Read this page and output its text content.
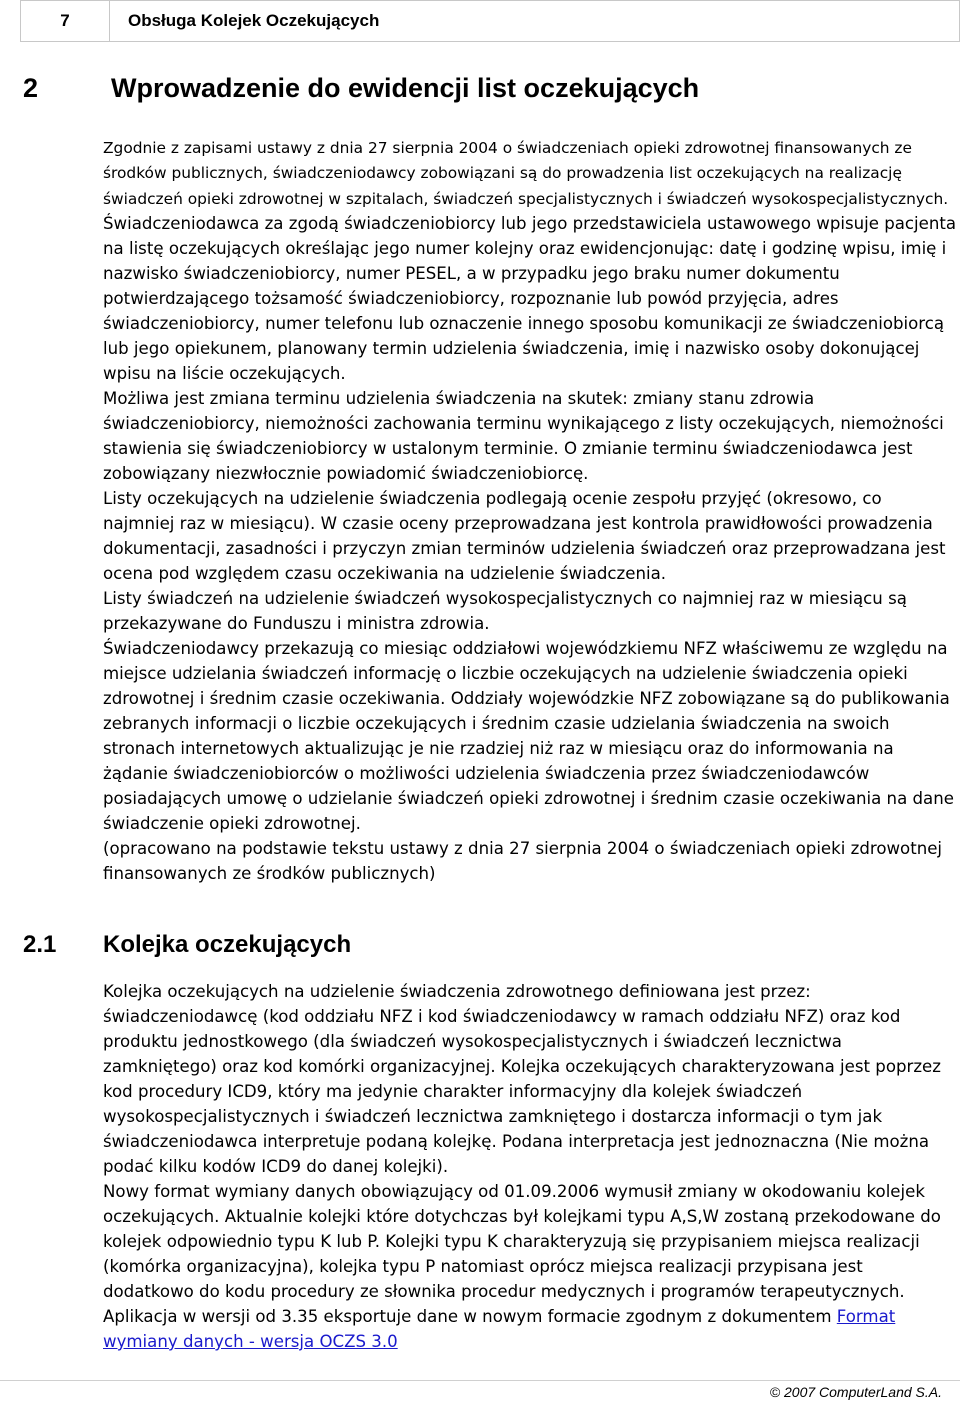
7	Obsługa Kolejek Oczekujących
2	Wprowadzenie do ewidencji list oczekujących

Zgodnie z zapisami ustawy z dnia 27 sierpnia 2004 o świadczeniach opieki zdrowotnej finansowanych ze środków publicznych, świadczeniodawcy zobowiązani są do prowadzenia list oczekujących na realizację świadczeń opieki zdrowotnej w szpitalach, świadczeń specjalistycznych i świadczeń wysokospecjalistycznych. Świadczeniodawca za zgodą świadczeniobiorcy lub jego przedstawiciela ustawowego wpisuje pacjenta na listę oczekujących określając jego numer kolejny oraz ewidencjonując: datę i godzinę wpisu, imię i nazwisko świadczeniobiorcy, numer PESEL, a w przypadku jego braku numer dokumentu potwierdzającego tożsamość świadczeniobiorcy, rozpoznanie lub powód przyjęcia, adres świadczeniobiorcy, numer telefonu lub oznaczenie innego sposobu komunikacji ze świadczeniobiorcą lub jego opiekunem, planowany termin udzielenia świadczenia, imię i nazwisko osoby dokonującej wpisu na liście oczekujących.

Możliwa jest zmiana terminu udzielenia świadczenia na skutek: zmiany stanu zdrowia świadczeniobiorcy, niemożności zachowania terminu wynikającego z listy oczekujących, niemożności stawienia się świadczeniobiorcy w ustalonym terminie. O zmianie terminu świadczeniodawca jest zobowiązany niezwłocznie powiadomić świadczeniobiorcę.

Listy oczekujących na udzielenie świadczenia podlegają ocenie zespołu przyjęć (okresowo, co najmniej raz w miesiącu). W czasie oceny przeprowadzana jest kontrola prawidłowości prowadzenia dokumentacji, zasadności i przyczyn zmian terminów udzielenia świadczeń oraz przeprowadzana jest ocena pod względem czasu oczekiwania na udzielenie świadczenia.

Listy świadczeń na udzielenie świadczeń wysokospecjalistycznych co najmniej raz w miesiącu są przekazywane do Funduszu i ministra zdrowia.

Świadczeniodawcy przekazują co miesiąc oddziałowi wojewódzkiemu NFZ właściwemu ze względu na miejsce udzielania świadczeń informację o liczbie oczekujących na udzielenie świadczenia opieki zdrowotnej i średnim czasie oczekiwania. Oddziały wojewódzkie NFZ zobowiązane są do publikowania zebranych informacji o liczbie oczekujących i średnim czasie udzielania świadczenia na swoich stronach internetowych aktualizując je nie rzadziej niż raz w miesiącu oraz do informowania na żądanie świadczeniobiorców o możliwości udzielenia świadczenia przez świadczeniodawców posiadających umowę o udzielanie świadczeń opieki zdrowotnej i średnim czasie oczekiwania na dane świadczenie opieki zdrowotnej.

(opracowano na podstawie tekstu ustawy z dnia 27 sierpnia 2004 o świadczeniach opieki zdrowotnej finansowanych ze środków publicznych)

2.1 Kolejka oczekujących

Kolejka oczekujących na udzielenie świadczenia zdrowotnego definiowana jest przez: świadczeniodawcę (kod oddziału NFZ i kod świadczeniodawcy w ramach oddziału NFZ) oraz kod produktu jednostkowego (dla świadczeń wysokospecjalistycznych i świadczeń lecznictwa zamkniętego) oraz kod komórki organizacyjnej. Kolejka oczekujących charakteryzowana jest poprzez kod procedury ICD9, który ma jedynie charakter informacyjny dla kolejek świadczeń wysokospecjalistycznych i świadczeń lecznictwa zamkniętego i dostarcza informacji o tym jak świadczeniodawca interpretuje podaną kolejkę. Podana interpretacja jest jednoznaczna (Nie można podać kilku kodów ICD9 do danej kolejki).

Nowy format wymiany danych obowiązujący od 01.09.2006 wymusił zmiany w okodowaniu kolejek oczekujących. Aktualnie kolejki które dotychczas był kolejkami typu A,S,W zostaną przekodowane do kolejek odpowiednio typu K lub P. Kolejki typu K charakteryzują się przypisaniem miejsca realizacji (komórka organizacyjna), kolejka typu P natomiast oprócz miejsca realizacji przypisana jest dodatkowo do kodu procedury ze słownika procedur medycznych i programów terapeutycznych. Aplikacja w wersji od 3.35 eksportuje dane w nowym formacie zgodnym z dokumentem Format wymiany danych - wersja OCZS 3.0

© 2007 ComputerLand S.A.
